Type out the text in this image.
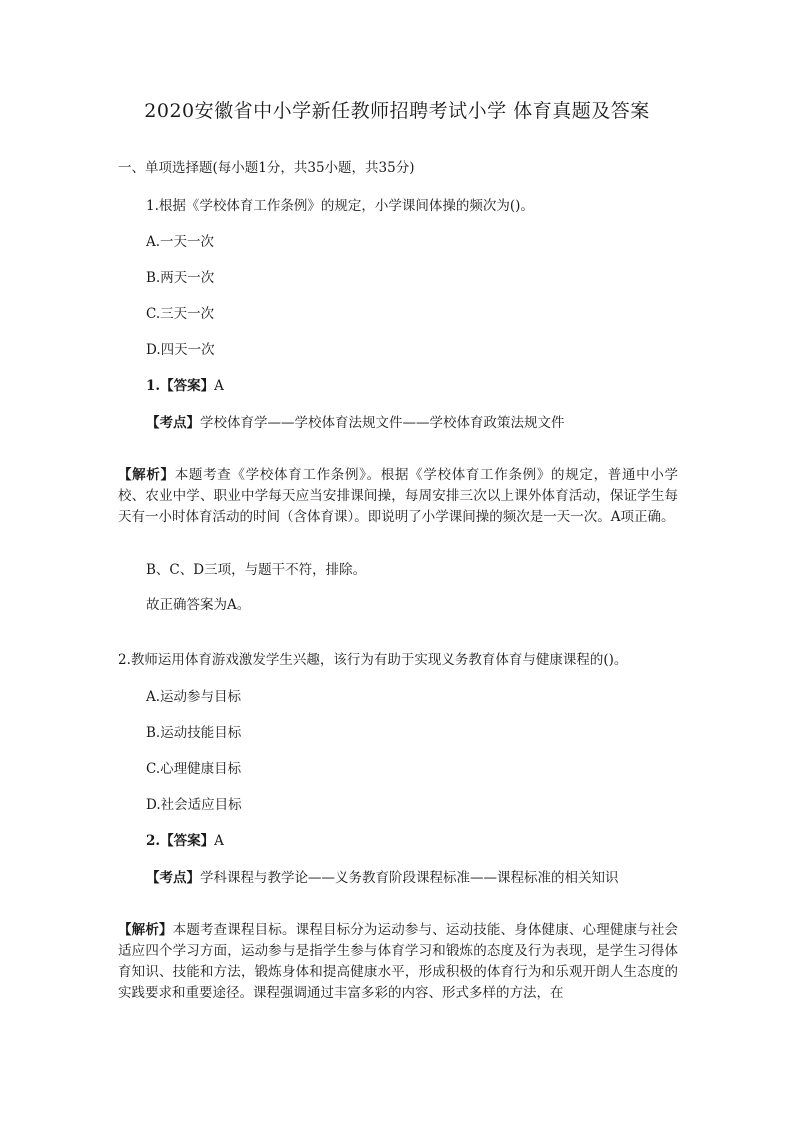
2020安徽省中小学新任教师招聘考试小学 体育真题及答案
一、单项选择题(每小题1分，共35小题，共35分)
1.根据《学校体育工作条例》的规定，小学课间体操的频次为()。
A.一天一次
B.两天一次
C.三天一次
D.四天一次
1.【答案】A
【考点】学校体育学——学校体育法规文件——学校体育政策法规文件
【解析】本题考查《学校体育工作条例》。根据《学校体育工作条例》的规定，普通中小学校、农业中学、职业中学每天应当安排课间操，每周安排三次以上课外体育活动，保证学生每天有一小时体育活动的时间（含体育课）。即说明了小学课间操的频次是一天一次。A项正确。
B、C、D三项，与题干不符，排除。
故正确答案为A。
2.教师运用体育游戏激发学生兴趣，该行为有助于实现义务教育体育与健康课程的()。
A.运动参与目标
B.运动技能目标
C.心理健康目标
D.社会适应目标
2.【答案】A
【考点】学科课程与教学论——义务教育阶段课程标准——课程标准的相关知识
【解析】本题考查课程目标。课程目标分为运动参与、运动技能、身体健康、心理健康与社会适应四个学习方面，运动参与是指学生参与体育学习和锻炼的态度及行为表现，是学生习得体育知识、技能和方法，锻炼身体和提高健康水平，形成积极的体育行为和乐观开朗人生态度的实践要求和重要途径。课程强调通过丰富多彩的内容、形式多样的方法，在
